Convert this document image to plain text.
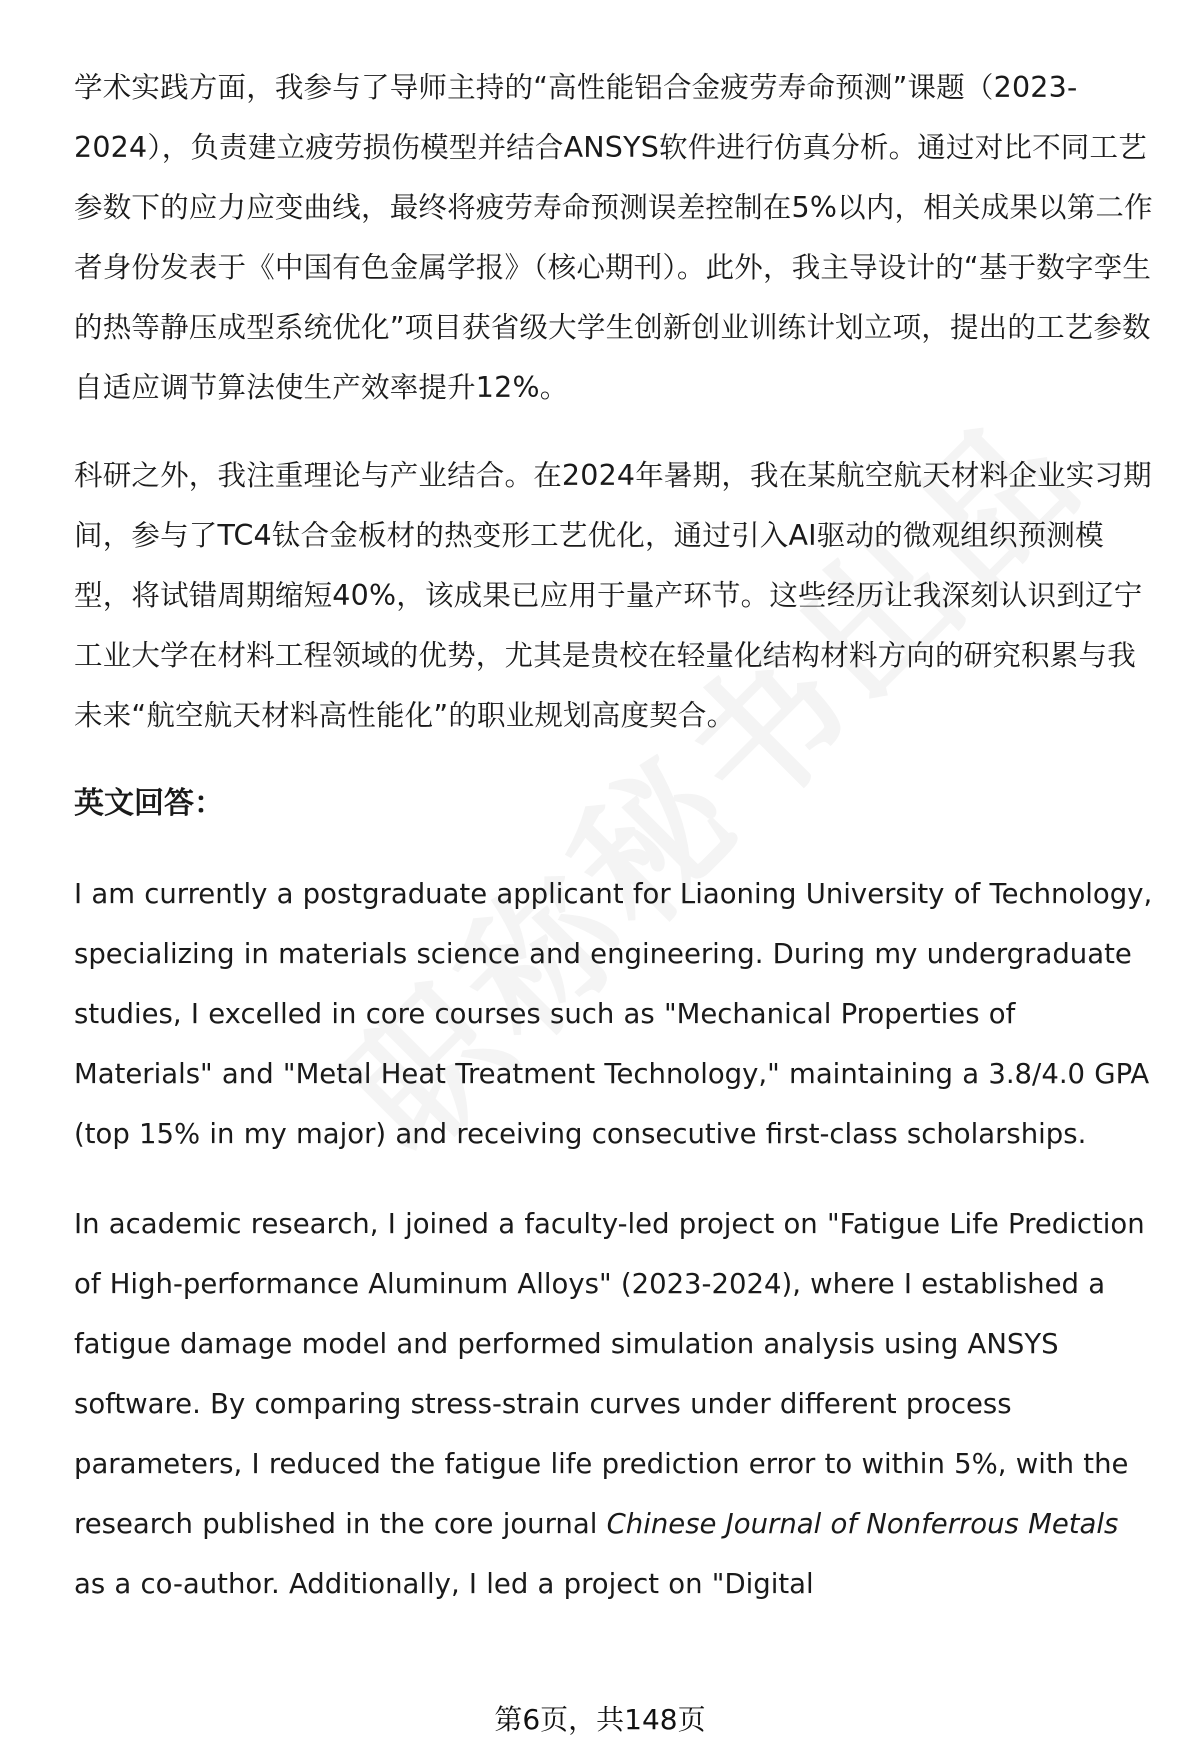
学术实践方面，我参与了导师主持的“高性能铝合金疲劳寿命预测”课题（2023-2024），负责建立疲劳损伤模型并结合ANSYS软件进行仿真分析。通过对比不同工艺参数下的应力应变曲线，最终将疲劳寿命预测误差控制在5%以内，相关成果以第二作者身份发表于《中国有色金属学报》（核心期刊）。此外，我主导设计的“基于数字孪生的热等静压成型系统优化”项目获省级大学生创新创业训练计划立项，提出的工艺参数自适应调节算法使生产效率提升12%。

科研之外，我注重理论与产业结合。在2024年暑期，我在某航空航天材料企业实习期间，参与了TC4钛合金板材的热变形工艺优化，通过引入AI驱动的微观组织预测模型，将试错周期缩短40%，该成果已应用于量产环节。这些经历让我深刻认识到辽宁工业大学在材料工程领域的优势，尤其是贵校在轻量化结构材料方向的研究积累与我未来“航空航天材料高性能化”的职业规划高度契合。

英文回答：

I am currently a postgraduate applicant for Liaoning University of Technology, specializing in materials science and engineering. During my undergraduate studies, I excelled in core courses such as "Mechanical Properties of Materials" and "Metal Heat Treatment Technology," maintaining a 3.8/4.0 GPA (top 15% in my major) and receiving consecutive first-class scholarships.

In academic research, I joined a faculty-led project on "Fatigue Life Prediction of High-performance Aluminum Alloys" (2023-2024), where I established a fatigue damage model and performed simulation analysis using ANSYS software. By comparing stress-strain curves under different process parameters, I reduced the fatigue life prediction error to within 5%, with the research published in the core journal Chinese Journal of Nonferrous Metals as a co-author. Additionally, I led a project on "Digital

第6页，共148页
